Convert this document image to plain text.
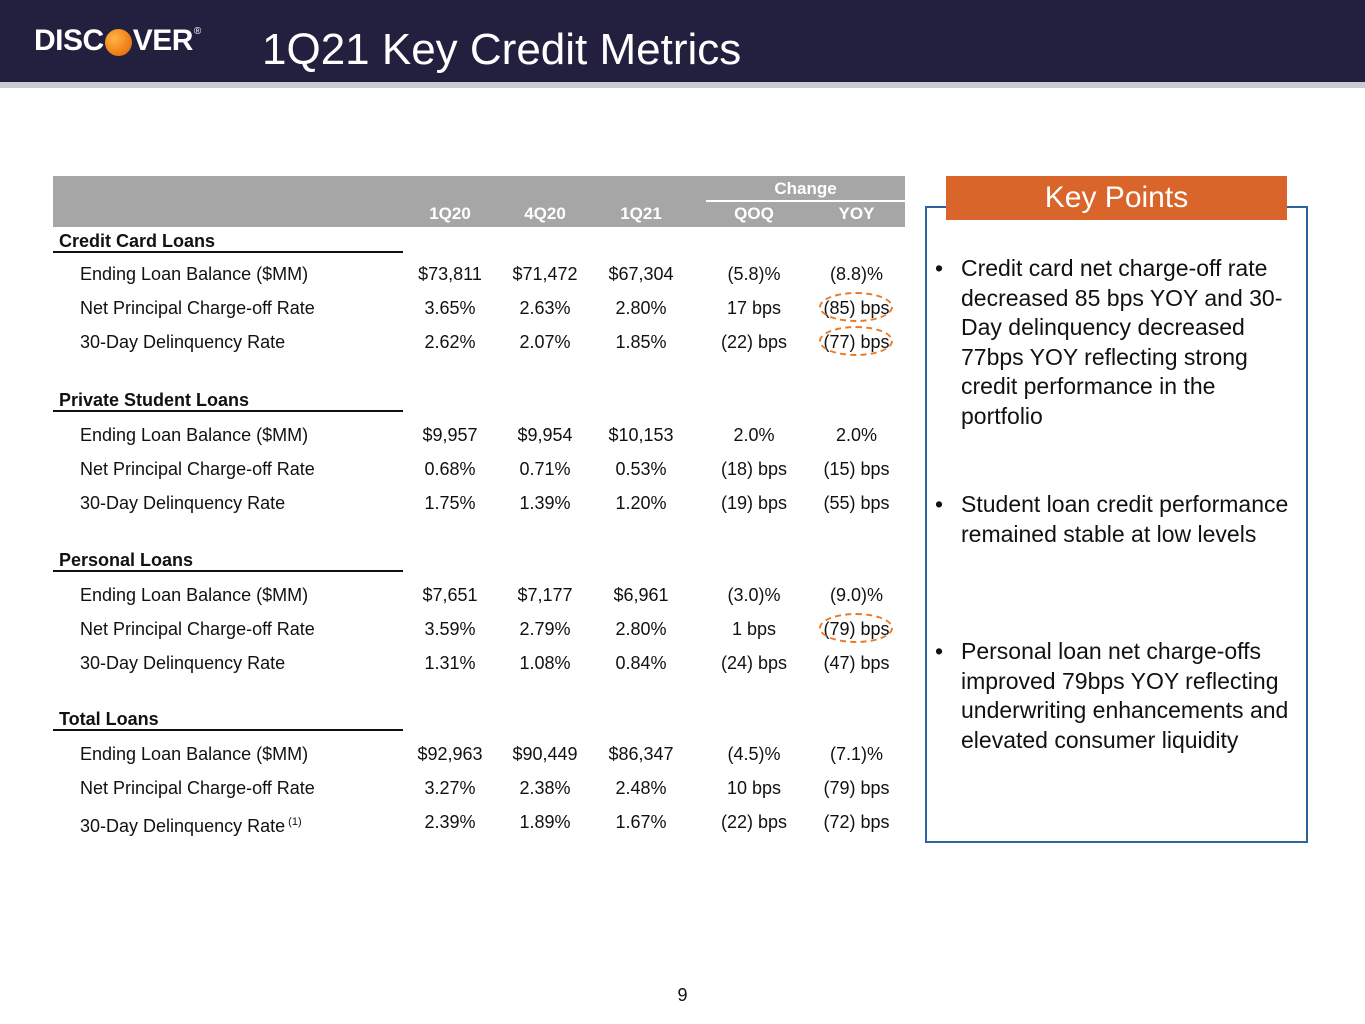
DISC VER ® 1Q21 Key Credit Metrics
Change
1Q20	4Q20	1Q21	QOQ	YOY
Credit Card Loans
Ending Loan Balance ($MM)	$73,811	$71,472	$67,304	(5.8)%	(8.8)%
Net Principal Charge-off Rate	3.65%	2.63%	2.80%	17 bps	(85) bps
30-Day Delinquency Rate	2.62%	2.07%	1.85%	(22) bps	(77) bps
Private Student Loans
Ending Loan Balance ($MM)	$9,957	$9,954	$10,153	2.0%	2.0%
Net Principal Charge-off Rate	0.68%	0.71%	0.53%	(18) bps	(15) bps
30-Day Delinquency Rate	1.75%	1.39%	1.20%	(19) bps	(55) bps
Personal Loans
Ending Loan Balance ($MM)	$7,651	$7,177	$6,961	(3.0)%	(9.0)%
Net Principal Charge-off Rate	3.59%	2.79%	2.80%	1 bps	(79) bps
30-Day Delinquency Rate	1.31%	1.08%	0.84%	(24) bps	(47) bps
Total Loans
Ending Loan Balance ($MM)	$92,963	$90,449	$86,347	(4.5)%	(7.1)%
Net Principal Charge-off Rate	3.27%	2.38%	2.48%	10 bps	(79) bps
30-Day Delinquency Rate $^{(1)}$	2.39%	1.89%	1.67%	(22) bps	(72) bps
Key Points
• Credit card net charge-off rate decreased 85 bps YOY and 30-Day delinquency decreased 77bps YOY reflecting strong credit performance in the portfolio
• Student loan credit performance remained stable at low levels
• Personal loan net charge-offs improved 79bps YOY reflecting underwriting enhancements and elevated consumer liquidity
9
